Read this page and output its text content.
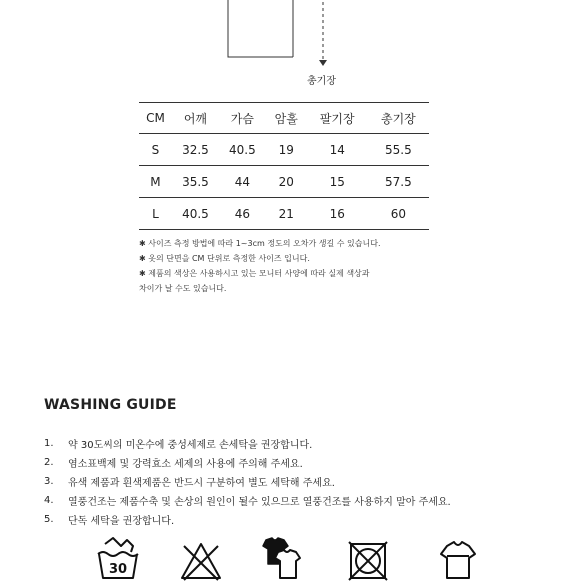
총기장
CM	어깨	가슴	암홀	팔기장	총기장
S	32.5	40.5	19	14	55.5
M	35.5	44	20	15	57.5
L	40.5	46	21	16	60
✱ 사이즈 측정 방법에 따라 1~3cm 정도의 오차가 생길 수 있습니다.
✱ 옷의 단면을 CM 단위로 측정한 사이즈 입니다.
✱ 제품의 색상은 사용하시고 있는 모니터 사양에 따라 실제 색상과
차이가 날 수도 있습니다.
WASHING GUIDE
1.	약 30도씨의 미온수에 중성세제로 손세탁을 권장합니다.
2.	염소표백제 및 강력효소 세제의 사용에 주의해 주세요.
3.	유색 제품과 흰색제품은 반드시 구분하여 별도 세탁해 주세요.
4.	열풍건조는 제품수축 및 손상의 원인이 될수 있으므로 열풍건조를 사용하지 말아 주세요.
5.	단독 세탁을 권장합니다.
30
